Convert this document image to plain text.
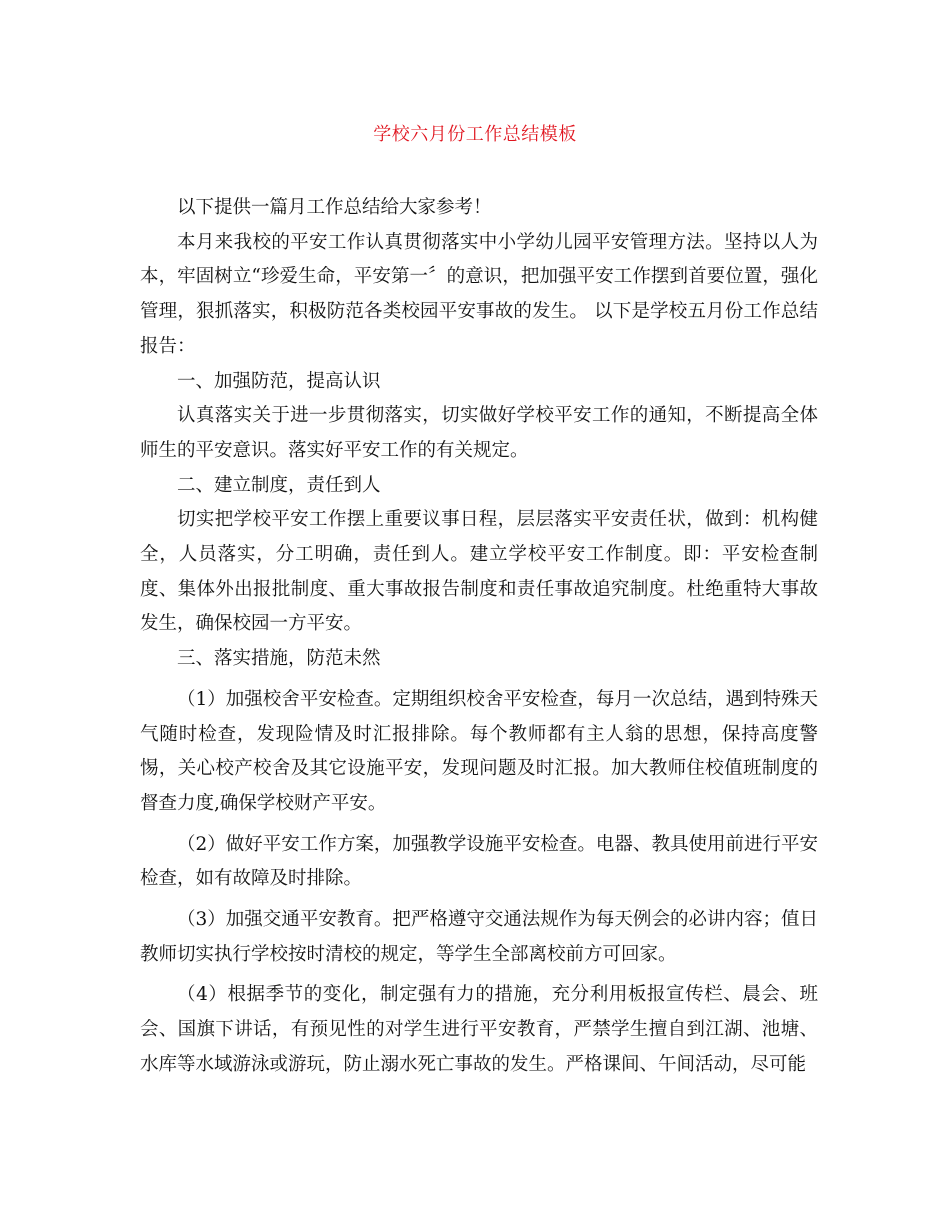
学校六月份工作总结模板

以下提供一篇月工作总结给大家参考！

本月来我校的平安工作认真贯彻落实中小学幼儿园平安管理方法。坚持以人为本，牢固树立“珍爱生命，平安第一〞的意识，把加强平安工作摆到首要位置，强化管理，狠抓落实，积极防范各类校园平安事故的发生。 以下是学校五月份工作总结报告：

一、加强防范，提高认识

认真落实关于进一步贯彻落实，切实做好学校平安工作的通知，不断提高全体师生的平安意识。落实好平安工作的有关规定。

二、建立制度，责任到人

切实把学校平安工作摆上重要议事日程，层层落实平安责任状，做到：机构健全，人员落实，分工明确，责任到人。建立学校平安工作制度。即：平安检查制度、集体外出报批制度、重大事故报告制度和责任事故追究制度。杜绝重特大事故发生，确保校园一方平安。

三、落实措施，防范未然

（1）加强校舍平安检查。定期组织校舍平安检查，每月一次总结，遇到特殊天气随时检查，发现险情及时汇报排除。每个教师都有主人翁的思想，保持高度警惕，关心校产校舍及其它设施平安，发现问题及时汇报。加大教师住校值班制度的督查力度,确保学校财产平安。

（2）做好平安工作方案，加强教学设施平安检查。电器、教具使用前进行平安检查，如有故障及时排除。

（3）加强交通平安教育。把严格遵守交通法规作为每天例会的必讲内容；值日教师切实执行学校按时清校的规定，等学生全部离校前方可回家。

（4）根据季节的变化，制定强有力的措施，充分利用板报宣传栏、晨会、班会、国旗下讲话，有预见性的对学生进行平安教育，严禁学生擅自到江湖、池塘、水库等水域游泳或游玩，防止溺水死亡事故的发生。严格课间、午间活动，尽可能
